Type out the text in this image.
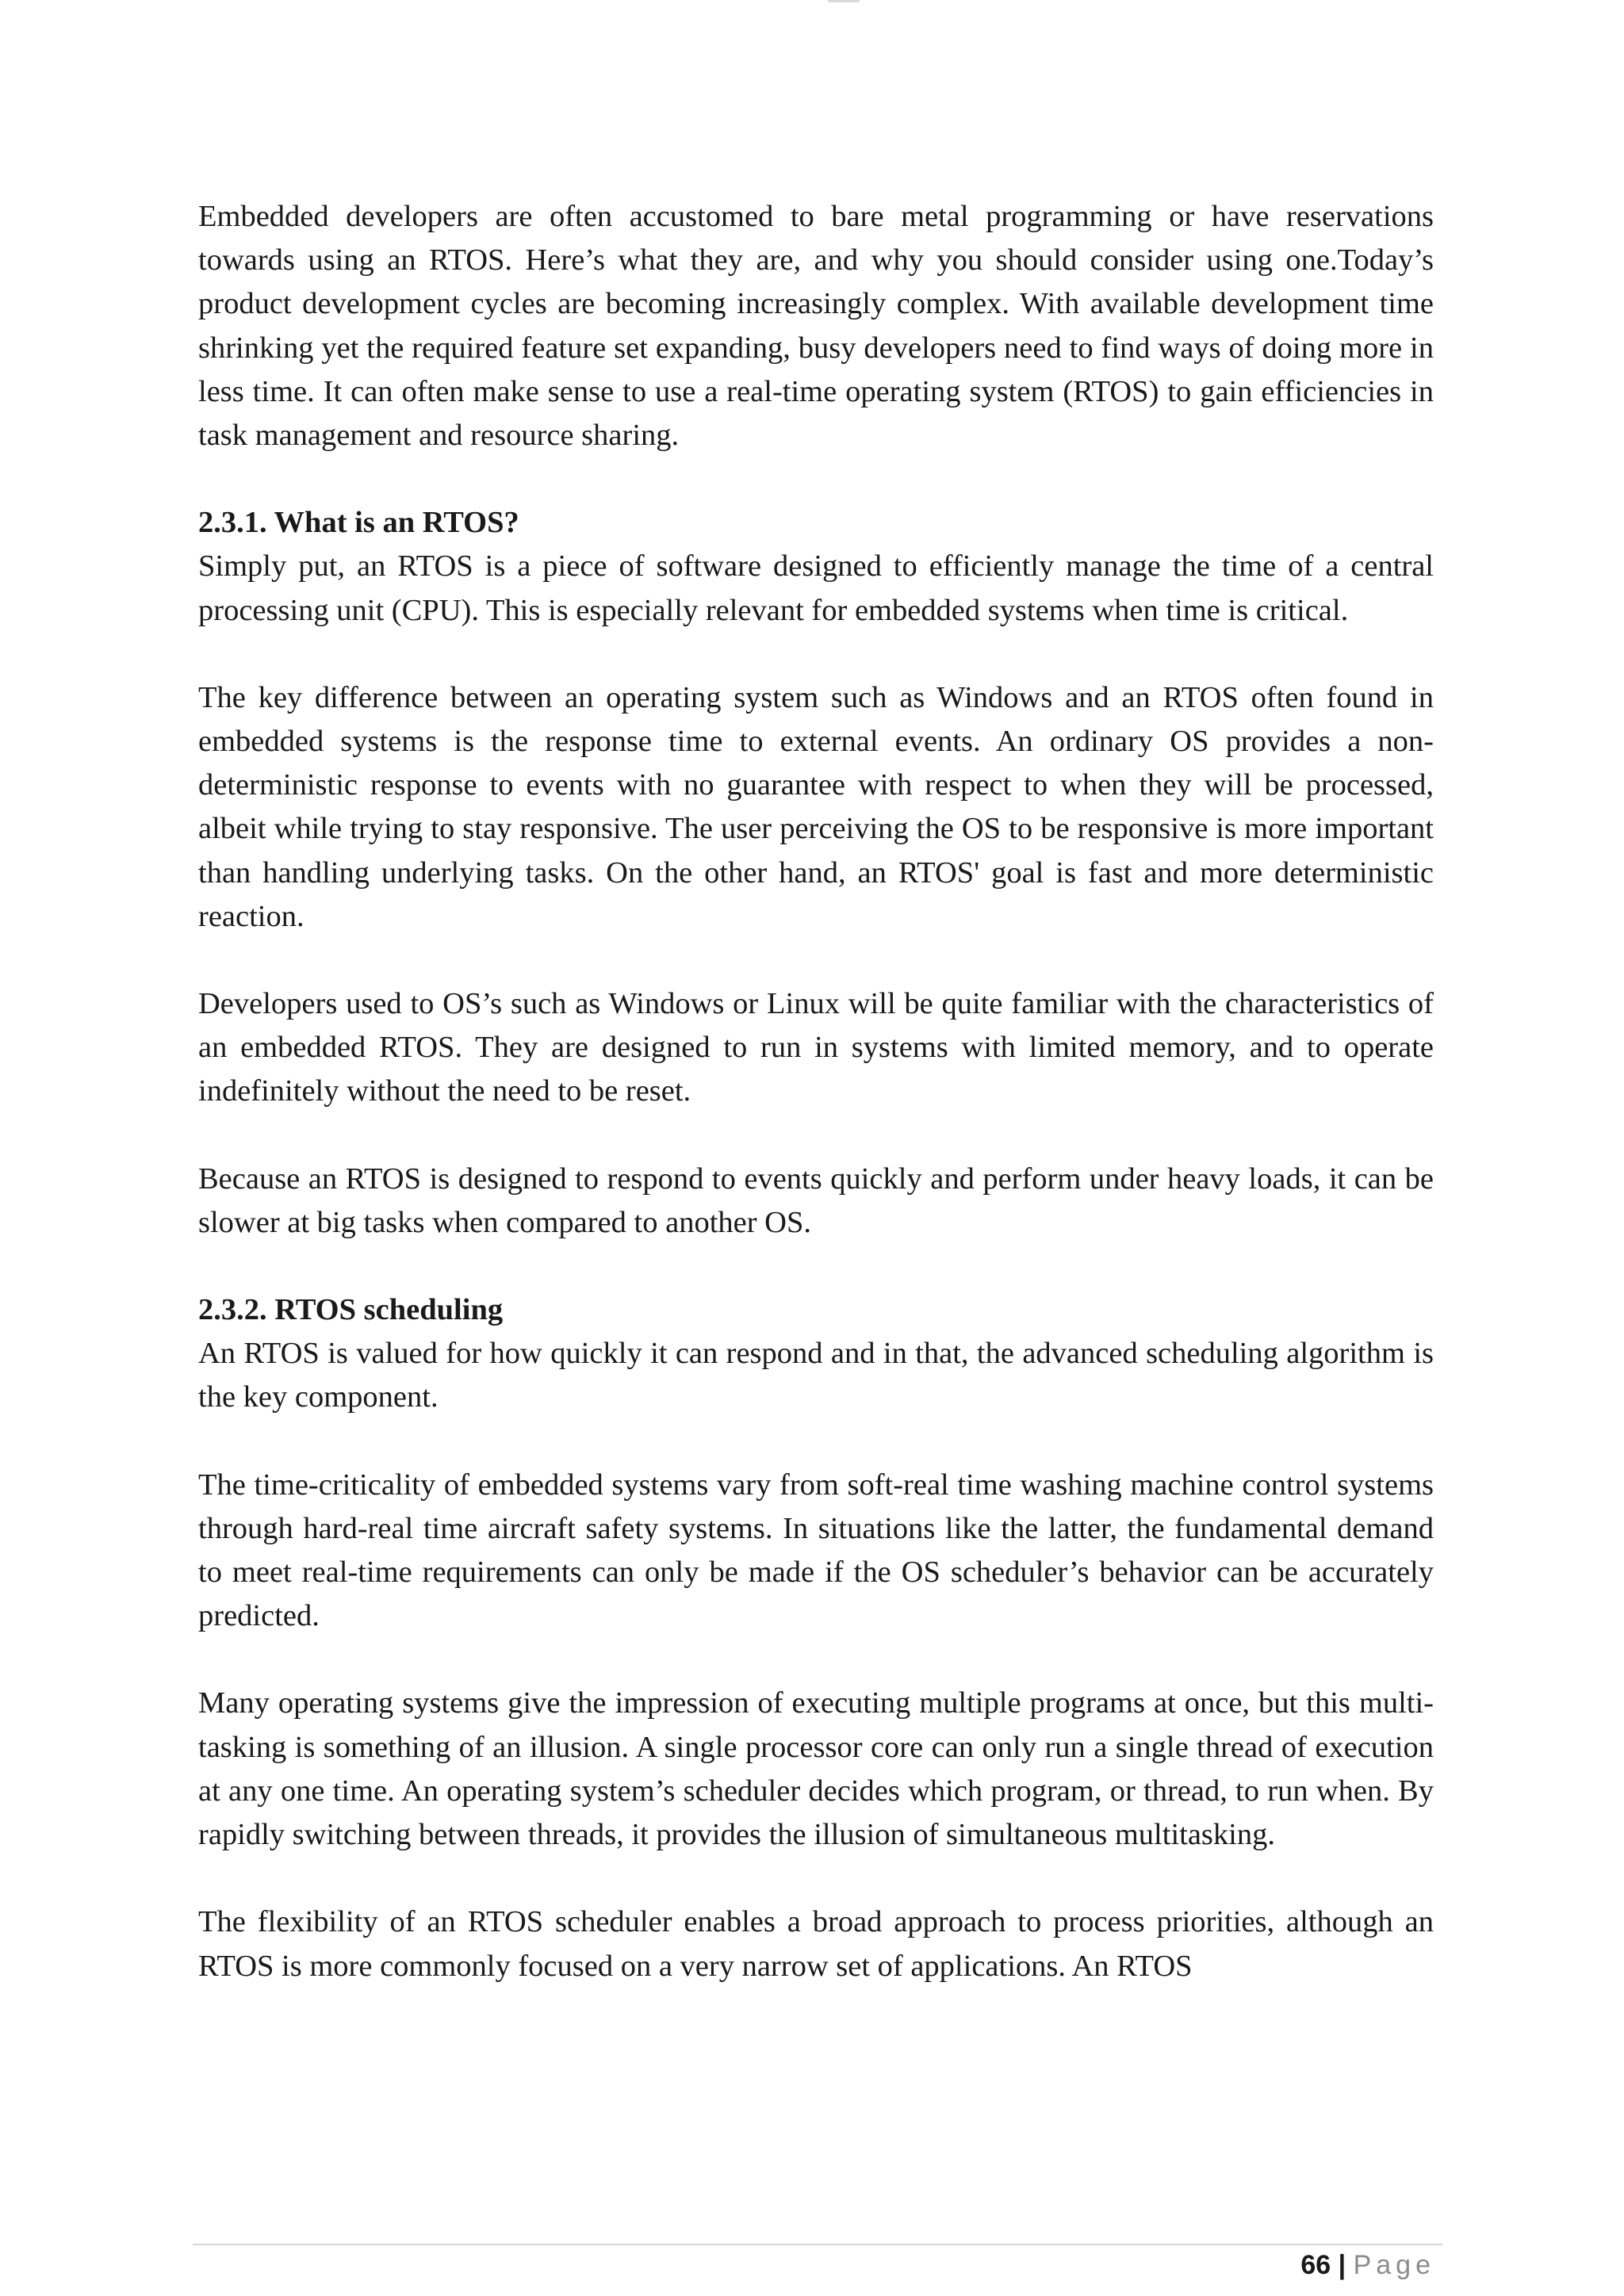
Embedded developers are often accustomed to bare metal programming or have reservations towards using an RTOS. Here’s what they are, and why you should consider using one.Today’s product development cycles are becoming increasingly complex. With available development time shrinking yet the required feature set expanding, busy developers need to find ways of doing more in less time. It can often make sense to use a real-time operating system (RTOS) to gain efficiencies in task management and resource sharing.

2.3.1. What is an RTOS?

Simply put, an RTOS is a piece of software designed to efficiently manage the time of a central processing unit (CPU). This is especially relevant for embedded systems when time is critical.

The key difference between an operating system such as Windows and an RTOS often found in embedded systems is the response time to external events. An ordinary OS provides a non-deterministic response to events with no guarantee with respect to when they will be processed, albeit while trying to stay responsive. The user perceiving the OS to be responsive is more important than handling underlying tasks. On the other hand, an RTOS' goal is fast and more deterministic reaction.

Developers used to OS’s such as Windows or Linux will be quite familiar with the characteristics of an embedded RTOS. They are designed to run in systems with limited memory, and to operate indefinitely without the need to be reset.

Because an RTOS is designed to respond to events quickly and perform under heavy loads, it can be slower at big tasks when compared to another OS.

2.3.2. RTOS scheduling

An RTOS is valued for how quickly it can respond and in that, the advanced scheduling algorithm is the key component.

The time-criticality of embedded systems vary from soft-real time washing machine control systems through hard-real time aircraft safety systems. In situations like the latter, the fundamental demand to meet real-time requirements can only be made if the OS scheduler’s behavior can be accurately predicted.

Many operating systems give the impression of executing multiple programs at once, but this multi-tasking is something of an illusion. A single processor core can only run a single thread of execution at any one time. An operating system’s scheduler decides which program, or thread, to run when. By rapidly switching between threads, it provides the illusion of simultaneous multitasking.

The flexibility of an RTOS scheduler enables a broad approach to process priorities, although an RTOS is more commonly focused on a very narrow set of applications. An RTOS

66 | Page
